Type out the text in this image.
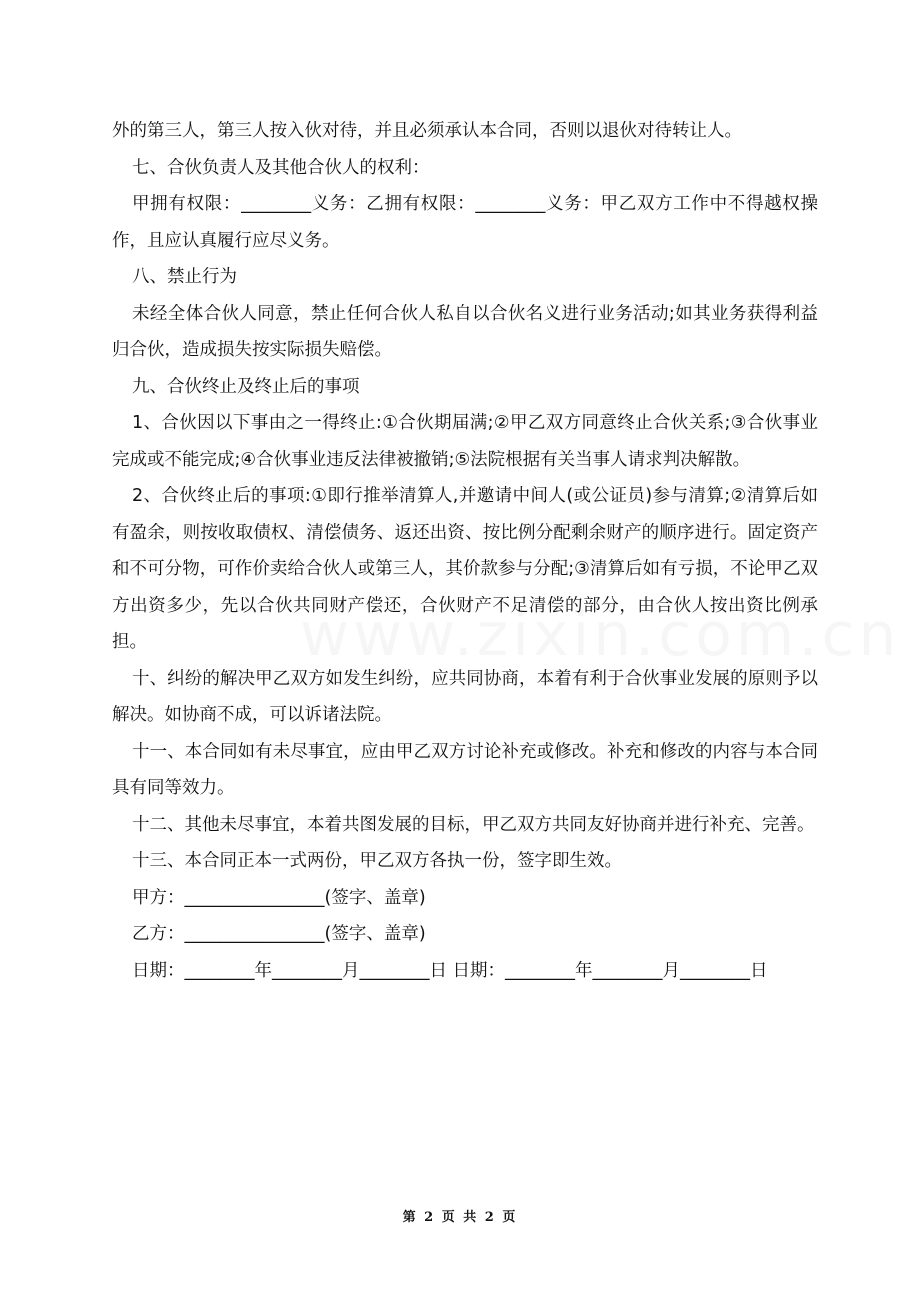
外的第三人，第三人按入伙对待，并且必须承认本合同，否则以退伙对待转让人。

七、合伙负责人及其他合伙人的权利：

甲拥有权限：________义务：乙拥有权限：________义务：甲乙双方工作中不得越权操作，且应认真履行应尽义务。

八、禁止行为

未经全体合伙人同意，禁止任何合伙人私自以合伙名义进行业务活动;如其业务获得利益归合伙，造成损失按实际损失赔偿。

九、合伙终止及终止后的事项

1、合伙因以下事由之一得终止:①合伙期届满;②甲乙双方同意终止合伙关系;③合伙事业完成或不能完成;④合伙事业违反法律被撤销;⑤法院根据有关当事人请求判决解散。

2、合伙终止后的事项:①即行推举清算人,并邀请中间人(或公证员)参与清算;②清算后如有盈余，则按收取债权、清偿债务、返还出资、按比例分配剩余财产的顺序进行。固定资产和不可分物，可作价卖给合伙人或第三人，其价款参与分配;③清算后如有亏损，不论甲乙双方出资多少，先以合伙共同财产偿还，合伙财产不足清偿的部分，由合伙人按出资比例承担。

十、纠纷的解决甲乙双方如发生纠纷，应共同协商，本着有利于合伙事业发展的原则予以解决。如协商不成，可以诉诸法院。

十一、本合同如有未尽事宜，应由甲乙双方讨论补充或修改。补充和修改的内容与本合同具有同等效力。

十二、其他未尽事宜，本着共图发展的目标，甲乙双方共同友好协商并进行补充、完善。

十三、本合同正本一式两份，甲乙双方各执一份，签字即生效。

甲方：________________(签字、盖章)

乙方：________________(签字、盖章)

日期：________年________月________日 日期：________年________月________日

第 2 页 共 2 页
